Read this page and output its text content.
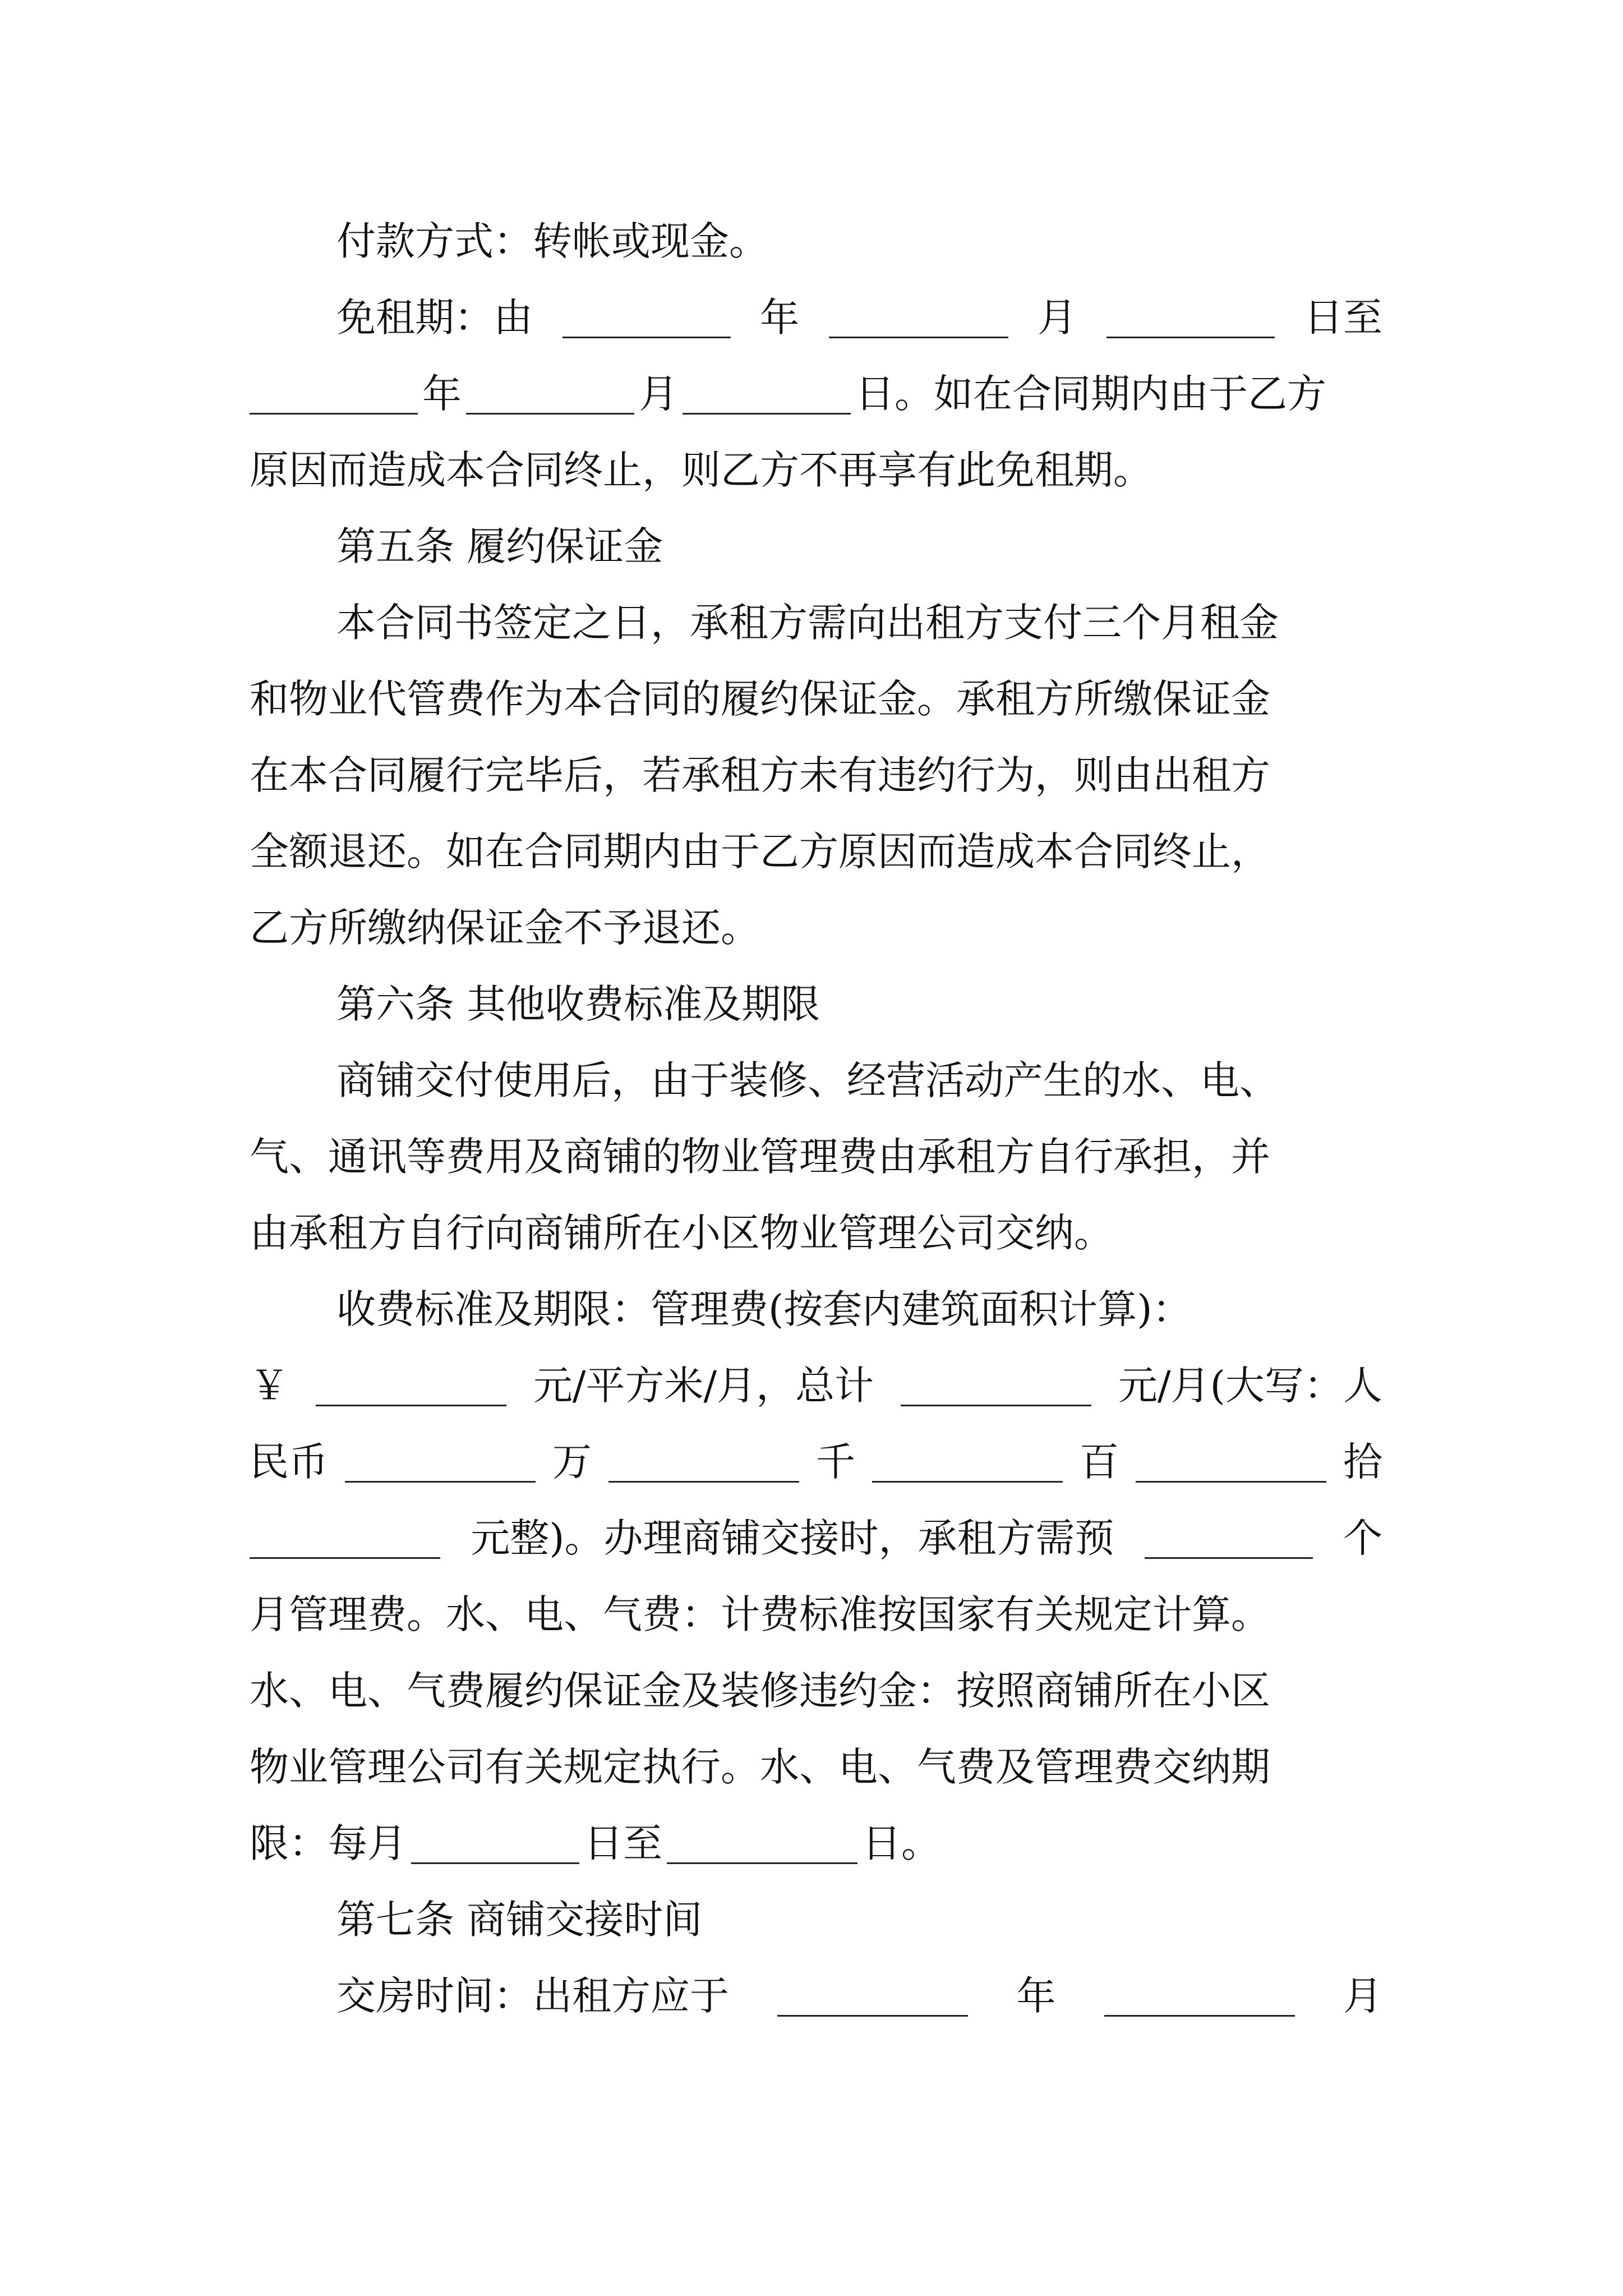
付款方式：转帐或现金。
免租期：由	年	月	日至
年	月	日。如在合同期内由于乙方
原因而造成本合同终止，则乙方不再享有此免租期。
第五条 履约保证金
本合同书签定之日，承租方需向出租方支付三个月租金
和物业代管费作为本合同的履约保证金。承租方所缴保证金
在本合同履行完毕后，若承租方未有违约行为，则由出租方
全额退还。如在合同期内由于乙方原因而造成本合同终止，
乙方所缴纳保证金不予退还。
第六条 其他收费标准及期限
商铺交付使用后，由于装修、经营活动产生的水、电、
气、通讯等费用及商铺的物业管理费由承租方自行承担，并
由承租方自行向商铺所在小区物业管理公司交纳。
收费标准及期限：管理费(按套内建筑面积计算)：
￥	元/平方米/月，总计	元/月(大写：人
民币	万	千	百	拾
元整)。办理商铺交接时，承租方需预	个
月管理费。水、电、气费：计费标准按国家有关规定计算。
水、电、气费履约保证金及装修违约金：按照商铺所在小区
物业管理公司有关规定执行。水、电、气费及管理费交纳期
限：每月	日至	日。
第七条 商铺交接时间
交房时间：出租方应于	年	月
